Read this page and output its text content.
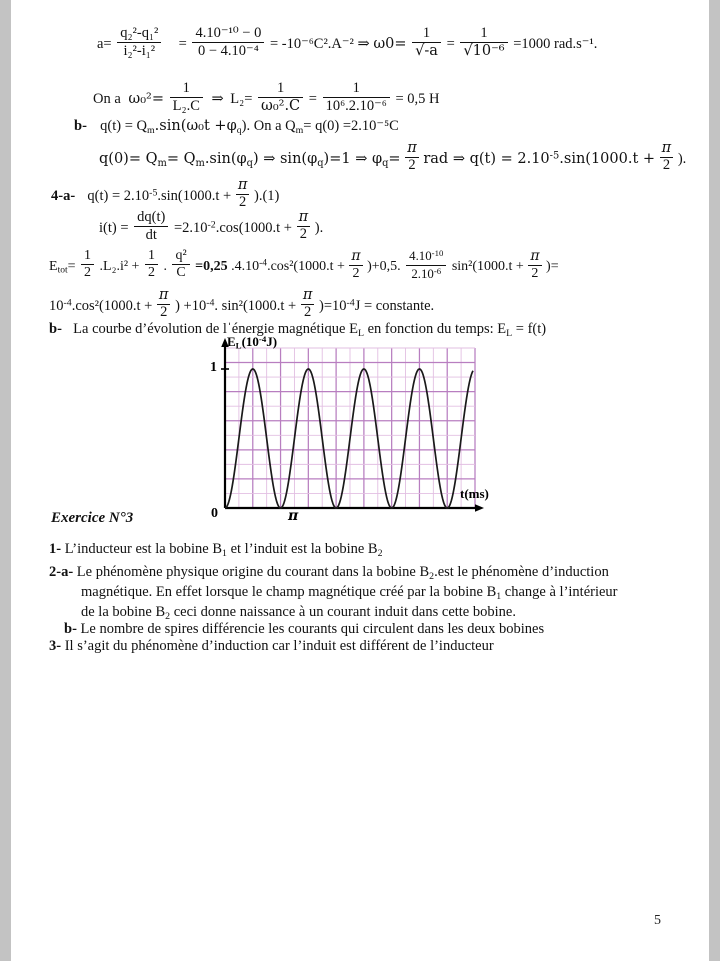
$a= \frac{\text{q₂²-q₁²}}{\text{i₂²-i₁²}} = \frac{\text{4.10⁻¹⁰ − 0}}{\text{0 − 4.10⁻⁴}} = -10^{-6}C^2.A^{-2}$ ⇒ $\omega 0= \frac{1}{√-a} = \frac{1}{\text{√10⁻⁶}} =1000$ rad.s⁻¹.
On a $\omega_0^2= \frac{1}{\text{L₂.C}}$ ⇒ $L_2= \frac{1}{\text{ω₀².C}} = \frac{1}{\text{10⁶.2.10⁻⁶}} = 0,5$ H
b- $q(t) = Q_m.\sin(\omega_0t +\varphi_q)$. On a $Q_m= q(0) =2.10^{-5}C$
$q(0)= Q_m= Q_m.\sin(\varphi_q)$ ⇒ $\sin(\varphi_q)=1$ ⇒ $\varphi_q= \frac{\pi}{2}$ rad ⇒ $q(t) = 2.10^{-5}.\sin(1000.t + \frac{\pi}{2}$ ).
4-a- $q(t) = 2.10^{-5}.\sin(1000.t + \frac{\pi}{2} ).(1)$
$i(t) = \frac{dq(t)}{dt} =2.10^{-2}.\cos(1000.t + \frac{\pi}{2}$ ).
$E_{tot}= \frac{1}{2} .L_2.i^2 + \frac{1}{2}$ . $\frac{\text{q²}}{C} =0,25$ $.4.10^{-4}.\cos^2(1000.t + \frac{\pi}{2} )+0,5$. $\frac{4.10^{-10}}{2.10^{-6}} \sin^2(1000.t + \frac{\pi}{2}$ )=
$10^{-4}.\cos^2(1000.t + \frac{\pi}{2}$ ) $+10^{-4}$. $\sin^2(1000.t + \frac{\pi}{2} )=10^{-4}J$ = constante.
b- La courbe d’évolution de lˈénergie magnétique $E_L$ en fonction du temps: $E_L = f(t)$
$E_L(10^{-4}J)$
t(ms)
1
0	π
Exercice N°3
1- L’inducteur est la bobine $B_1$ et l’induit est la bobine $B_2$
2-a- Le phénomène physique origine du courant dans la bobine $B_2.est$ le phénomène d’induction
magnétique. En effet lorsque le champ magnétique créé par la bobine $B_1$ change à l’intérieur
de la bobine $B_2$ ceci donne naissance à un courant induit dans cette bobine.
b- Le nombre de spires différencie les courants qui circulent dans les deux bobines
3- Il s’agit du phénomène d’induction car l’induit est différent de l’inducteur
5
